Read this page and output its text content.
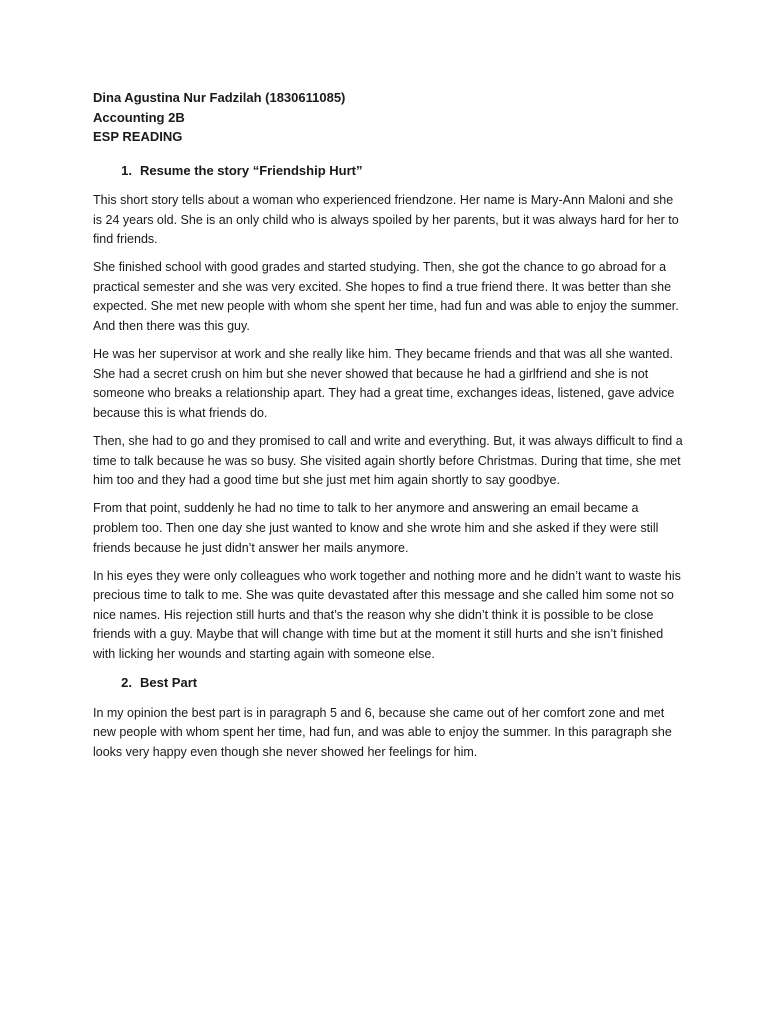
Dina Agustina Nur Fadzilah (1830611085)

Accounting 2B

ESP READING

1. Resume the story “Friendship Hurt”

This short story tells about a woman who experienced friendzone. Her name is Mary-Ann Maloni and she is 24 years old. She is an only child who is always spoiled by her parents, but it was always hard for her to find friends.

She finished school with good grades and started studying. Then, she got the chance to go abroad for a practical semester and she was very excited. She hopes to find a true friend there. It was better than she expected. She met new people with whom she spent her time, had fun and was able to enjoy the summer. And then there was this guy.

He was her supervisor at work and she really like him. They became friends and that was all she wanted. She had a secret crush on him but she never showed that because he had a girlfriend and she is not someone who breaks a relationship apart. They had a great time, exchanges ideas, listened, gave advice because this is what friends do.

Then, she had to go and they promised to call and write and everything. But, it was always difficult to find a time to talk because he was so busy. She visited again shortly before Christmas. During that time, she met him too and they had a good time but she just met him again shortly to say goodbye.

From that point, suddenly he had no time to talk to her anymore and answering an email became a problem too. Then one day she just wanted to know and she wrote him and she asked if they were still friends because he just didn’t answer her mails anymore.

In his eyes they were only colleagues who work together and nothing more and he didn’t want to waste his precious time to talk to me. She was quite devastated after this message and she called him some not so nice names. His rejection still hurts and that’s the reason why she didn’t think it is possible to be close friends with a guy. Maybe that will change with time but at the moment it still hurts and she isn’t finished with licking her wounds and starting again with someone else.

2. Best Part

In my opinion the best part is in paragraph 5 and 6, because she came out of her comfort zone and met new people with whom spent her time, had fun, and was able to enjoy the summer. In this paragraph she looks very happy even though she never showed her feelings for him.
